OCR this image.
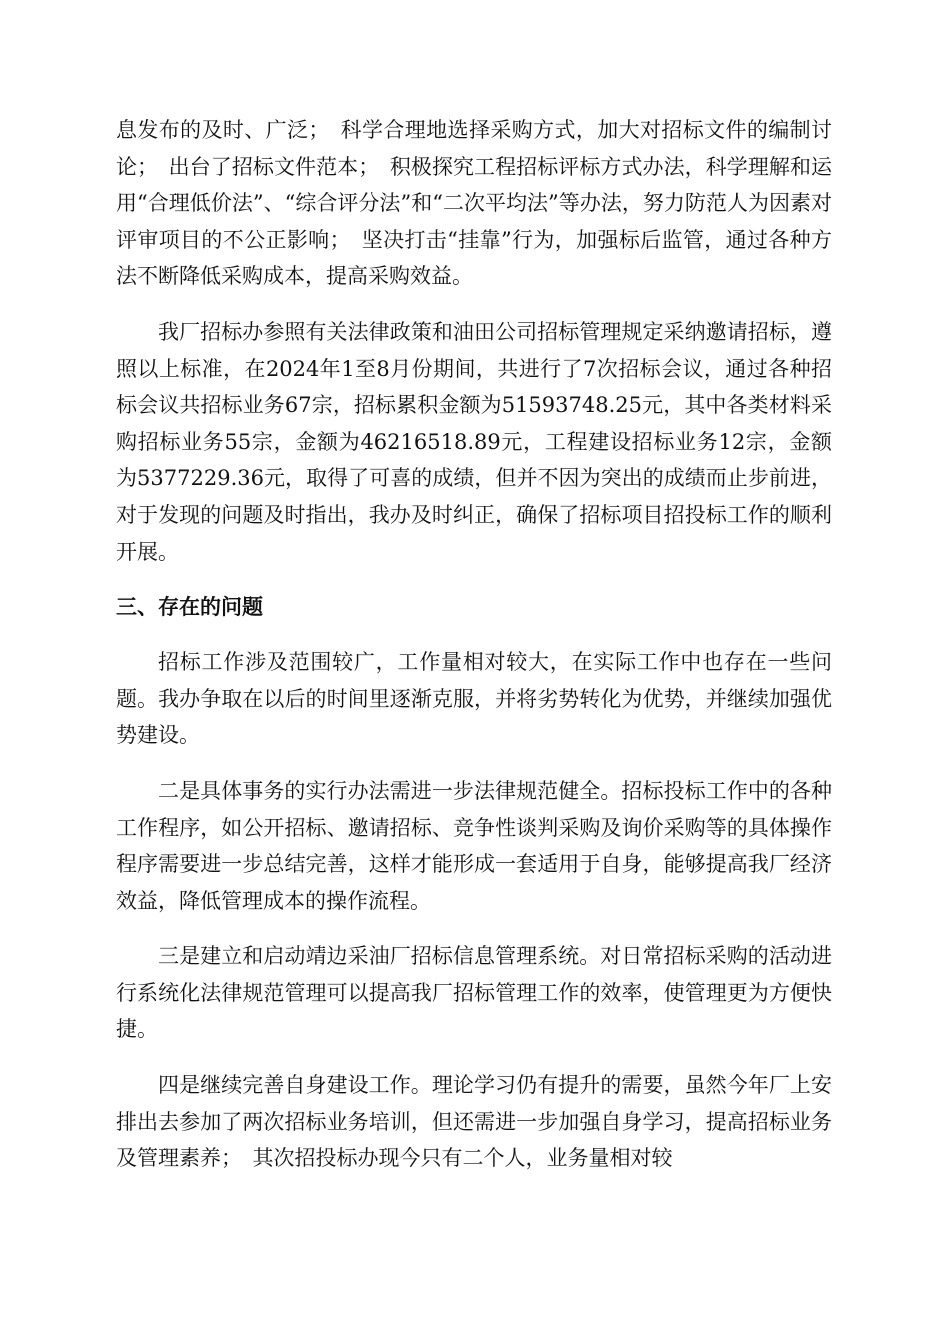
息发布的及时、广泛；　科学合理地选择采购方式，加大对招标文件的编制讨论；　出台了招标文件范本；　积极探究工程招标评标方式办法，科学理解和运用“合理低价法”、“综合评分法”和“二次平均法”等办法，努力防范人为因素对评审项目的不公正影响；　坚决打击“挂靠”行为，加强标后监管，通过各种方法不断降低采购成本，提高采购效益。

我厂招标办参照有关法律政策和油田公司招标管理规定采纳邀请招标，遵照以上标准，在2024年1至8月份期间，共进行了7次招标会议，通过各种招标会议共招标业务67宗，招标累积金额为51593748.25元，其中各类材料采购招标业务55宗，金额为46216518.89元，工程建设招标业务12宗，金额为5377229.36元，取得了可喜的成绩，但并不因为突出的成绩而止步前进，对于发现的问题及时指出，我办及时纠正，确保了招标项目招投标工作的顺利开展。

三、存在的问题

招标工作涉及范围较广，工作量相对较大，在实际工作中也存在一些问题。我办争取在以后的时间里逐渐克服，并将劣势转化为优势，并继续加强优势建设。

二是具体事务的实行办法需进一步法律规范健全。招标投标工作中的各种工作程序，如公开招标、邀请招标、竞争性谈判采购及询价采购等的具体操作程序需要进一步总结完善，这样才能形成一套适用于自身，能够提高我厂经济效益，降低管理成本的操作流程。

三是建立和启动靖边采油厂招标信息管理系统。对日常招标采购的活动进行系统化法律规范管理可以提高我厂招标管理工作的效率，使管理更为方便快捷。

四是继续完善自身建设工作。理论学习仍有提升的需要，虽然今年厂上安排出去参加了两次招标业务培训，但还需进一步加强自身学习，提高招标业务及管理素养；　其次招投标办现今只有二个人，业务量相对较
